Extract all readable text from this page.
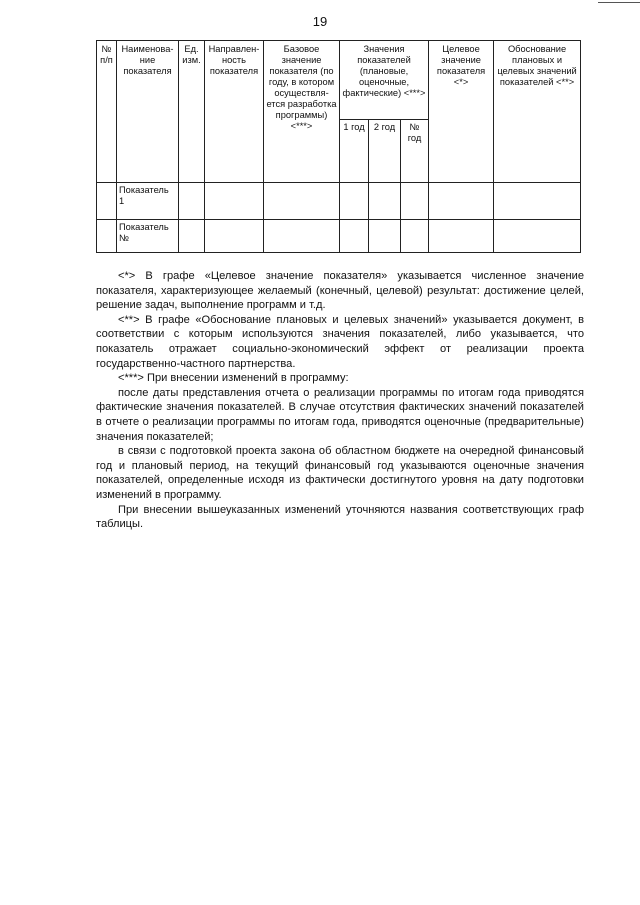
19
№ п/п	Наименова-ние показателя	Ед. изм.	Направлен-ность показателя	Базовое значение показателя (по году, в котором осуществля-ется разработка программы) <***>	Значения показателей (плановые, оценочные, фактические) <***>			Целевое значение показателя <*>	Обоснование плановых и целевых значений показателей <**>
					1 год	2 год	№ год		
	Показатель 1								
	Показатель №								

<*> В графе «Целевое значение показателя» указывается численное значение показателя, характеризующее желаемый (конечный, целевой) результат: достижение целей, решение задач, выполнение программ и т.д.

<**> В графе «Обоснование плановых и целевых значений» указывается документ, в соответствии с которым используются значения показателей, либо указывается, что показатель отражает социально-экономический эффект от реализации проекта государственно-частного партнерства.

<***> При внесении изменений в программу:

после даты представления отчета о реализации программы по итогам года приводятся фактические значения показателей. В случае отсутствия фактических значений показателей в отчете о реализации программы по итогам года, приводятся оценочные (предварительные) значения показателей;

в связи с подготовкой проекта закона об областном бюджете на очередной финансовый год и плановый период, на текущий финансовый год указываются оценочные значения показателей, определенные исходя из фактически достигнутого уровня на дату подготовки изменений в программу.

При внесении вышеуказанных изменений уточняются названия соответствующих граф таблицы.
